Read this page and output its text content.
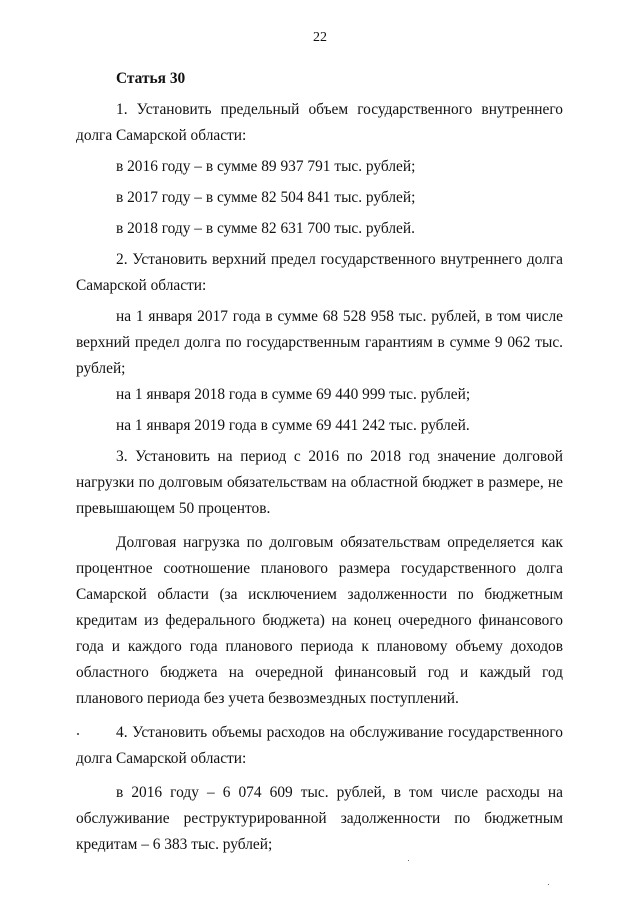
22
Статья 30

1. Установить предельный объем государственного внутреннего долга Самарской области:

в 2016 году – в сумме 89 937 791 тыс. рублей;

в 2017 году – в сумме 82 504 841 тыс. рублей;

в 2018 году – в сумме 82 631 700 тыс. рублей.

2. Установить верхний предел государственного внутреннего долга Самарской области:

на 1 января 2017 года в сумме 68 528 958 тыс. рублей, в том числе верхний предел долга по государственным гарантиям в сумме 9 062 тыс. рублей;

на 1 января 2018 года в сумме 69 440 999 тыс. рублей;

на 1 января 2019 года в сумме 69 441 242 тыс. рублей.

3. Установить на период с 2016 по 2018 год значение долговой нагрузки по долговым обязательствам на областной бюджет в размере, не превышающем 50 процентов.

Долговая нагрузка по долговым обязательствам определяется как процентное соотношение планового размера государственного долга Самарской области (за исключением задолженности по бюджетным кредитам из федерального бюджета) на конец очередного финансового года и каждого года планового периода к плановому объему доходов областного бюджета на очередной финансовый год и каждый год планового периода без учета безвозмездных поступлений.

4. Установить объемы расходов на обслуживание государственного долга Самарской области:

в 2016 году – 6 074 609 тыс. рублей, в том числе расходы на обслуживание реструктурированной задолженности по бюджетным кредитам – 6 383 тыс. рублей;
